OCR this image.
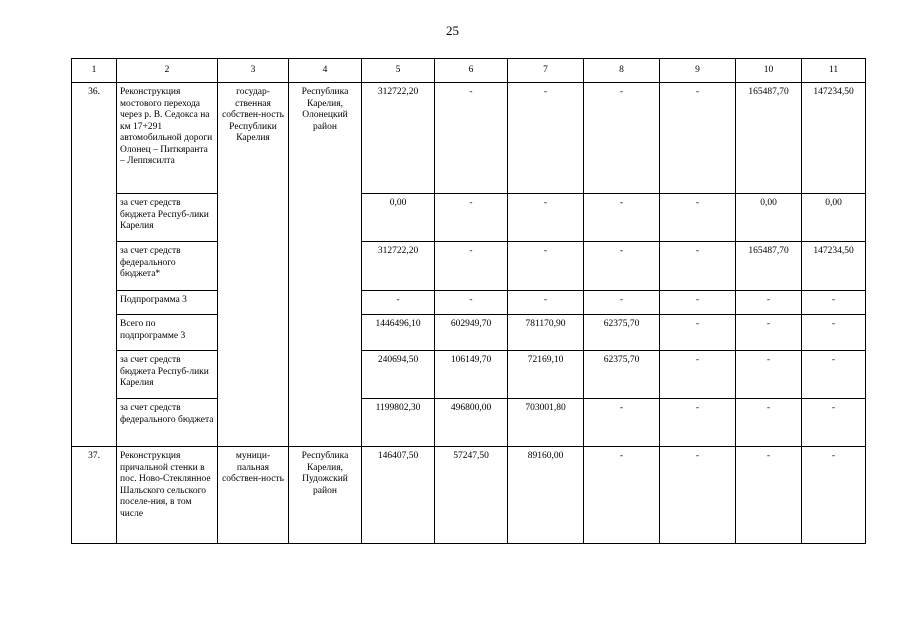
25
1	2	3	4	5	6	7	8	9	10	11
36.	Реконструкция мостового перехода через р. В. Седокса на км 17+291 автомобильной дороги Олонец – Питкяранта – Леппясилта	государ-ственная собствен-ность Республики Карелия	Республика Карелия, Олонецкий район	312722,20	-	-	-	-	165487,70	147234,50
	за счет средств бюджета Респуб-лики Карелия			0,00	-	-	-	-	0,00	0,00
	за счет средств федерального бюджета*			312722,20	-	-	-	-	165487,70	147234,50
	Подпрограмма 3			-	-	-	-	-	-	-
	Всего по подпрограмме 3			1446496,10	602949,70	781170,90	62375,70	-	-	-
	за счет средств бюджета Респуб-лики Карелия			240694,50	106149,70	72169,10	62375,70	-	-	-
	за счет средств федерального бюджета			1199802,30	496800,00	703001,80	-	-	-	-
37.	Реконструкция причальной стенки в пос. Ново-Стеклянное Шальского сельского поселе-ния, в том числе	муници-пальная собствен-ность	Республика Карелия, Пудожский район	146407,50	57247,50	89160,00	-	-	-	-
